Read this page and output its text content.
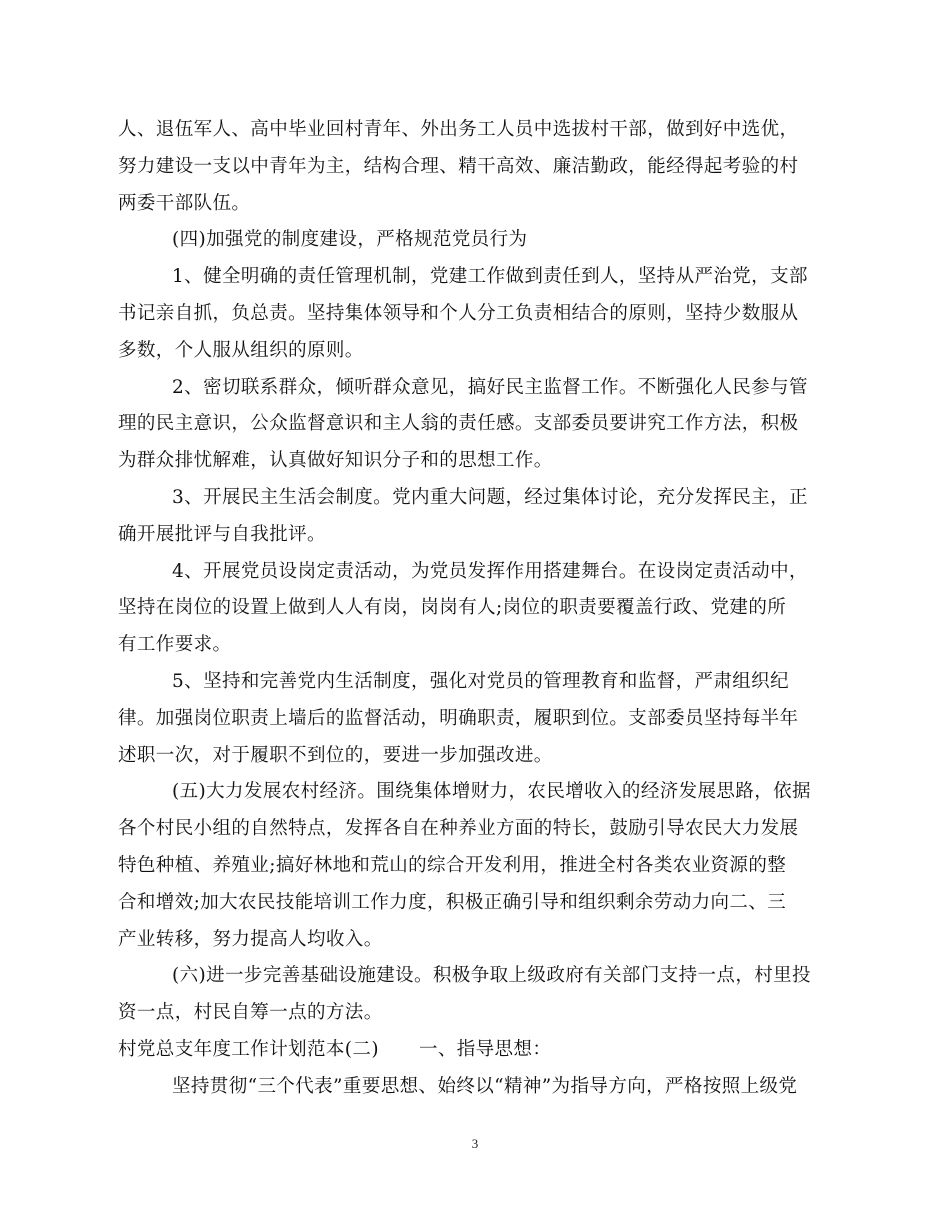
人、退伍军人、高中毕业回村青年、外出务工人员中选拔村干部，做到好中选优，
努力建设一支以中青年为主，结构合理、精干高效、廉洁勤政，能经得起考验的村
两委干部队伍。
(四)加强党的制度建设，严格规范党员行为
1、健全明确的责任管理机制，党建工作做到责任到人，坚持从严治党，支部
书记亲自抓，负总责。坚持集体领导和个人分工负责相结合的原则，坚持少数服从
多数，个人服从组织的原则。
2、密切联系群众，倾听群众意见，搞好民主监督工作。不断强化人民参与管
理的民主意识，公众监督意识和主人翁的责任感。支部委员要讲究工作方法，积极
为群众排忧解难，认真做好知识分子和的思想工作。
3、开展民主生活会制度。党内重大问题，经过集体讨论，充分发挥民主，正
确开展批评与自我批评。
4、开展党员设岗定责活动，为党员发挥作用搭建舞台。在设岗定责活动中，
坚持在岗位的设置上做到人人有岗，岗岗有人;岗位的职责要覆盖行政、党建的所
有工作要求。
5、坚持和完善党内生活制度，强化对党员的管理教育和监督，严肃组织纪
律。加强岗位职责上墙后的监督活动，明确职责，履职到位。支部委员坚持每半年
述职一次，对于履职不到位的，要进一步加强改进。
(五)大力发展农村经济。围绕集体增财力，农民增收入的经济发展思路，依据
各个村民小组的自然特点，发挥各自在种养业方面的特长，鼓励引导农民大力发展
特色种植、养殖业;搞好林地和荒山的综合开发利用，推进全村各类农业资源的整
合和增效;加大农民技能培训工作力度，积极正确引导和组织剩余劳动力向二、三
产业转移，努力提高人均收入。
(六)进一步完善基础设施建设。积极争取上级政府有关部门支持一点，村里投
资一点，村民自筹一点的方法。
村党总支年度工作计划范本(二) 一、指导思想：
坚持贯彻“三个代表”重要思想、始终以“精神”为指导方向，严格按照上级党
3
